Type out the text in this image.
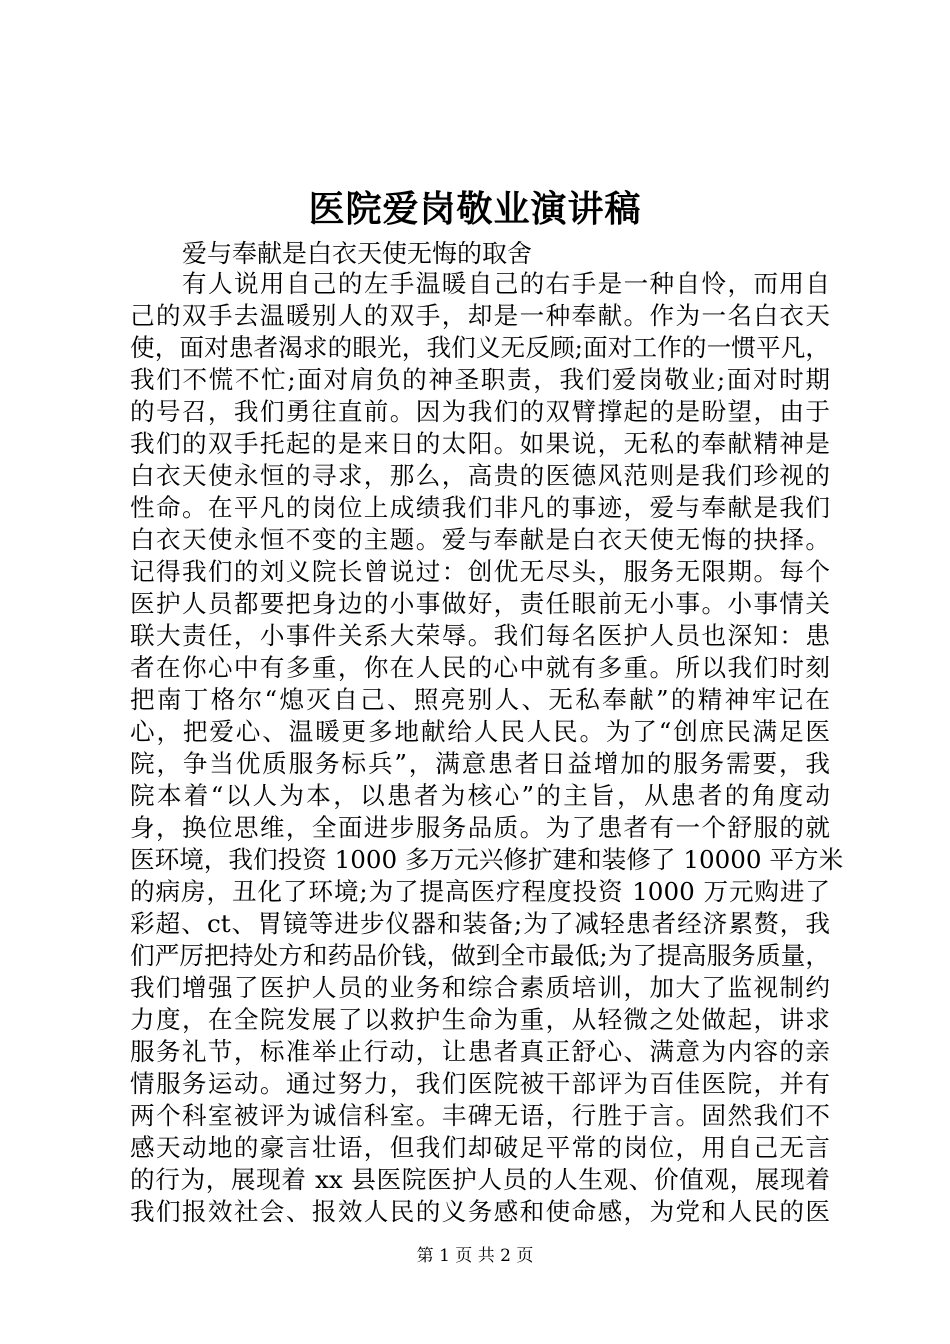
医院爱岗敬业演讲稿
爱与奉献是白衣天使无悔的取舍
有人说用自己的左手温暖自己的右手是一种自怜，而用自
己的双手去温暖别人的双手，却是一种奉献。作为一名白衣天
使，面对患者渴求的眼光，我们义无反顾;面对工作的一惯平凡，
我们不慌不忙;面对肩负的神圣职责，我们爱岗敬业;面对时期
的号召，我们勇往直前。因为我们的双臂撑起的是盼望，由于
我们的双手托起的是来日的太阳。如果说，无私的奉献精神是
白衣天使永恒的寻求，那么，高贵的医德风范则是我们珍视的
性命。在平凡的岗位上成绩我们非凡的事迹，爱与奉献是我们
白衣天使永恒不变的主题。爱与奉献是白衣天使无悔的抉择。
记得我们的刘义院长曾说过：创优无尽头，服务无限期。每个
医护人员都要把身边的小事做好，责任眼前无小事。小事情关
联大责任，小事件关系大荣辱。我们每名医护人员也深知：患
者在你心中有多重，你在人民的心中就有多重。所以我们时刻
把南丁格尔“熄灭自己、照亮别人、无私奉献”的精神牢记在
心，把爱心、温暖更多地献给人民人民。为了“创庶民满足医
院，争当优质服务标兵”，满意患者日益增加的服务需要，我
院本着“以人为本，以患者为核心”的主旨，从患者的角度动
身，换位思维，全面进步服务品质。为了患者有一个舒服的就
医环境，我们投资 1000 多万元兴修扩建和装修了 10000 平方米
的病房，丑化了环境;为了提高医疗程度投资 1000 万元购进了
彩超、ct、胃镜等进步仪器和装备;为了减轻患者经济累赘，我
们严厉把持处方和药品价钱，做到全市最低;为了提高服务质量，
我们增强了医护人员的业务和综合素质培训，加大了监视制约
力度，在全院发展了以救护生命为重，从轻微之处做起，讲求
服务礼节，标准举止行动，让患者真正舒心、满意为内容的亲
情服务运动。通过努力，我们医院被干部评为百佳医院，并有
两个科室被评为诚信科室。丰碑无语，行胜于言。固然我们不
感天动地的豪言壮语，但我们却破足平常的岗位，用自己无言
的行为，展现着 xx 县医院医护人员的人生观、价值观，展现着
我们报效社会、报效人民的义务感和使命感，为党和人民的医
第 1 页 共 2 页
